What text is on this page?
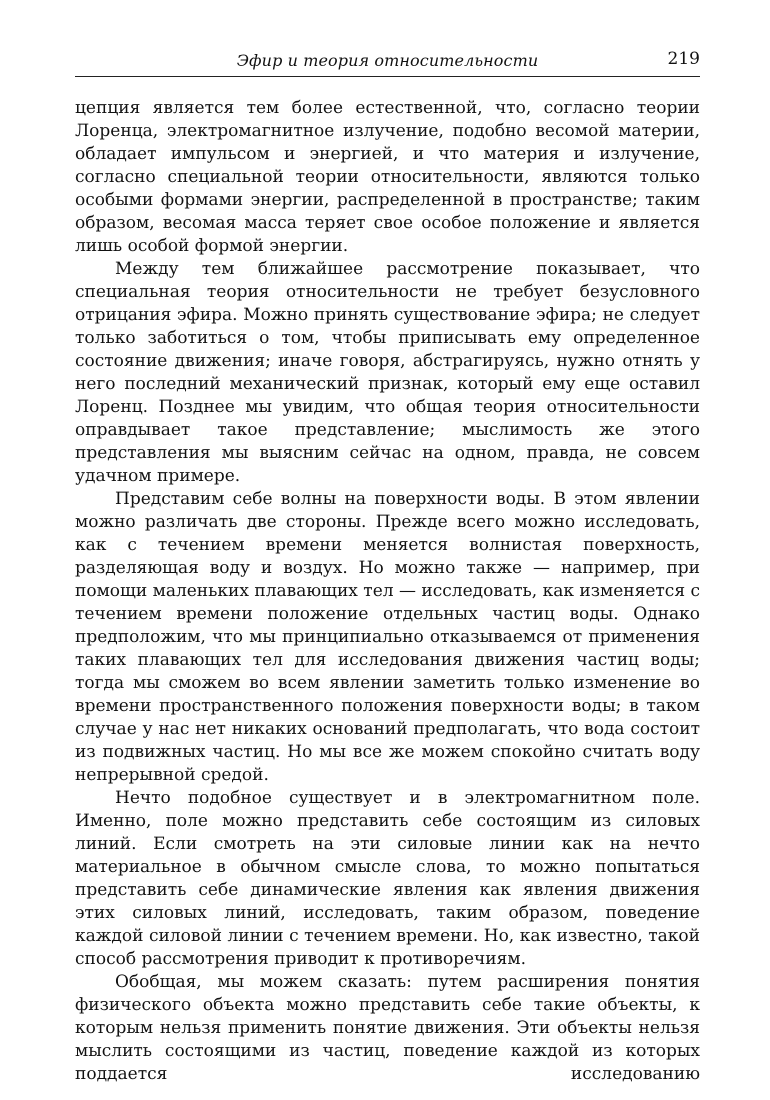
Эфир и теория относительности	219

цепция является тем более естественной, что, согласно теории Лоренца, электромагнитное излучение, подобно весомой материи, обладает импульсом и энергией, и что материя и излучение, согласно специальной теории относительности, являются только особыми формами энергии, распределенной в пространстве; таким образом, весомая масса теряет свое особое положение и является лишь особой формой энергии.

Между тем ближайшее рассмотрение показывает, что специальная теория относительности не требует безусловного отрицания эфира. Можно принять существование эфира; не следует только заботиться о том, чтобы приписывать ему определенное состояние движения; иначе говоря, абстрагируясь, нужно отнять у него последний механический признак, который ему еще оставил Лоренц. Позднее мы увидим, что общая теория относительности оправдывает такое представление; мыслимость же этого представления мы выясним сейчас на одном, правда, не совсем удачном примере.

Представим себе волны на поверхности воды. В этом явлении можно различать две стороны. Прежде всего можно исследовать, как с течением времени меняется волнистая поверхность, разделяющая воду и воздух. Но можно также — например, при помощи маленьких плавающих тел — исследовать, как изменяется с течением времени положение отдельных частиц воды. Однако предположим, что мы принципиально отказываемся от применения таких плавающих тел для исследования движения частиц воды; тогда мы сможем во всем явлении заметить только изменение во времени пространственного положения поверхности воды; в таком случае у нас нет никаких оснований предполагать, что вода состоит из подвижных частиц. Но мы все же можем спокойно считать воду непрерывной средой.

Нечто подобное существует и в электромагнитном поле. Именно, поле можно представить себе состоящим из силовых линий. Если смотреть на эти силовые линии как на нечто материальное в обычном смысле слова, то можно попытаться представить себе динамические явления как явления движения этих силовых линий, исследовать, таким образом, поведение каждой силовой линии с течением времени. Но, как известно, такой способ рассмотрения приводит к противоречиям.

Обобщая, мы можем сказать: путем расширения понятия физического объекта можно представить себе такие объекты, к которым нельзя применить понятие движения. Эти объекты нельзя мыслить состоящими из частиц, поведение каждой из которых поддается исследованию
